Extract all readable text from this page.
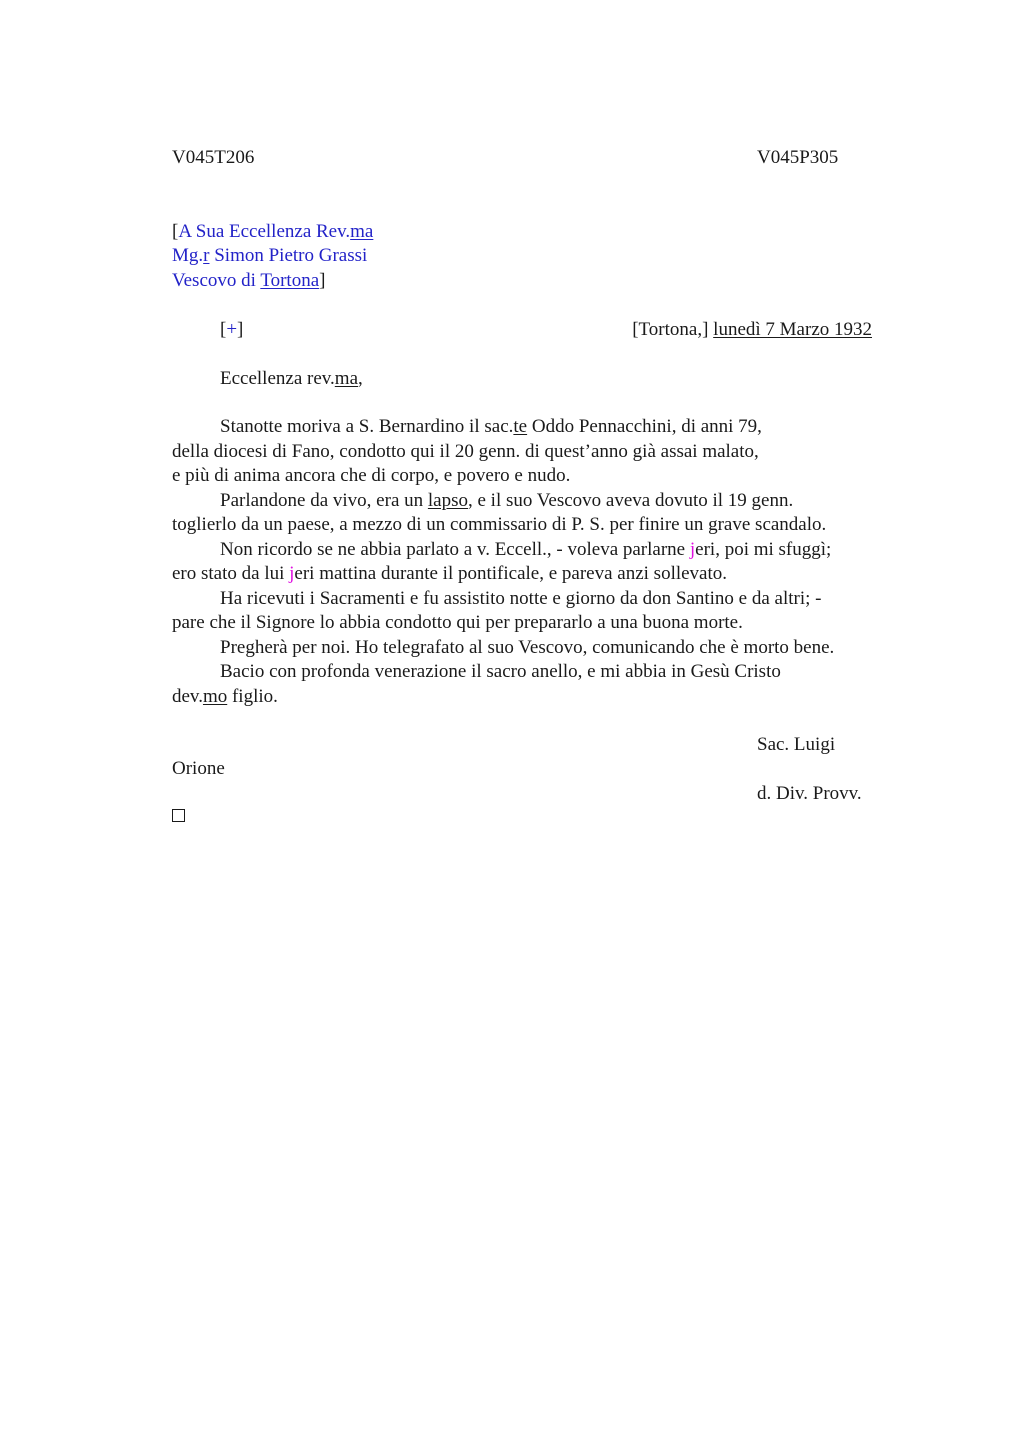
V045T206	V045P305
[A Sua Eccellenza Rev.ma
Mg.r Simon Pietro Grassi
Vescovo di Tortona]
[+]	[Tortona,] lunedì 7 Marzo 1932
Eccellenza rev.ma,

Stanotte moriva a S. Bernardino il sac.te Oddo Pennacchini, di anni 79,

della diocesi di Fano, condotto qui il 20 genn. di quest’anno già assai malato,

e più di anima ancora che di corpo, e povero e nudo.

Parlandone da vivo, era un lapso, e il suo Vescovo aveva dovuto il 19 genn.

toglierlo da un paese, a mezzo di un commissario di P. S. per finire un grave scandalo.

Non ricordo se ne abbia parlato a v. Eccell., - voleva parlarne jeri, poi mi sfuggì;

ero stato da lui jeri mattina durante il pontificale, e pareva anzi sollevato.

Ha ricevuti i Sacramenti e fu assistito notte e giorno da don Santino e da altri; -

pare che il Signore lo abbia condotto qui per prepararlo a una buona morte.

Pregherà per noi. Ho telegrafato al suo Vescovo, comunicando che è morto bene.

Bacio con profonda venerazione il sacro anello, e mi abbia in Gesù Cristo

dev.mo figlio.

Sac. Luigi
Orione
d. Div. Provv.
